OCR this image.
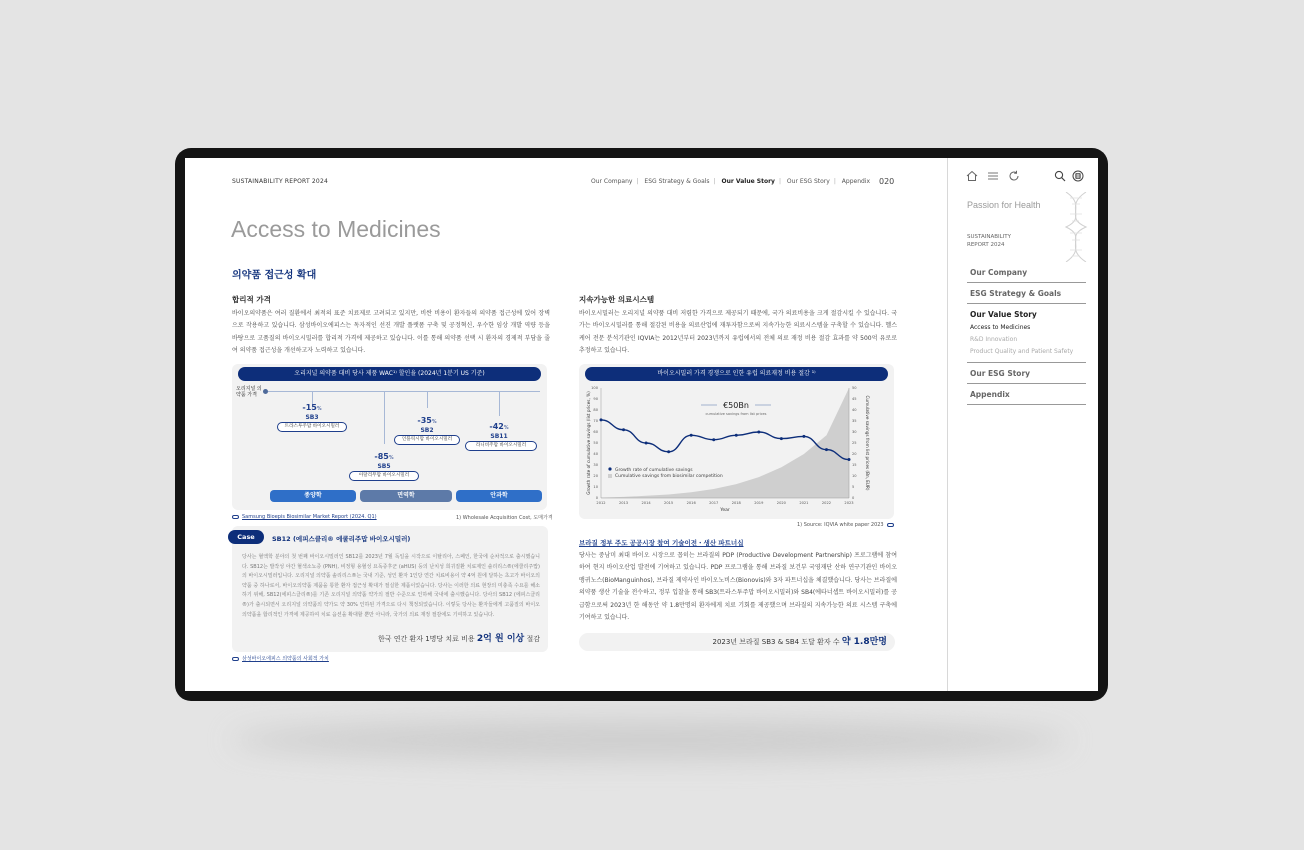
SUSTAINABILITY REPORT 2024	Our Company | ESG Strategy & Goals | Our Value Story | Our ESG Story | Appendix 020
Access to Medicines
의약품 접근성 확대
합리적 가격
바이오의약품은 여러 질환에서 최적의 표준 치료제로 고려되고 있지만, 비싼 비용이 환자들의 의약품 접근성에 있어 장벽으로 작용하고 있습니다. 삼성바이오에피스는 독자적인 선진 개발 플랫폼 구축 및 공정혁신, 우수한 임상 개발 역량 등을 바탕으로 고품질의 바이오시밀러를 합리적 가격에 제공하고 있습니다. 이를 통해 의약품 선택 시 환자의 경제적 부담을 줄여 의약품 접근성을 개선하고자 노력하고 있습니다.
오리지널 의약품 대비 당사 제품 WAC¹⁾ 할인율 (2024년 1분기 US 기준)
오리지널 의약품 가격
-15%
SB3
트라스투주맙 바이오시밀러
-35%
SB2
인플릭시맙 바이오시밀러
-42%
SB11
라니비주맙 바이오시밀러
-85%
SB5
아달리무맙 바이오시밀러
종양학	면역학	안과학
Samsung Bioepis Biosimilar Market Report (2024. Q1)	1) Wholesale Acquisition Cost, 도매가격
Case	SB12 (에피스클리® 에쿨리주맙 바이오시밀러)
당사는 혈액학 분야의 첫 번째 바이오시밀러인 SB12를 2023년 7월 독일을 시작으로 이탈리아, 스페인, 한국에 순차적으로 출시했습니다. SB12는 발작성 야간 혈색소뇨증 (PNH), 비정형 용혈성 요독증후군 (aHUS) 등의 난치성 희귀질환 치료제인 솔리리스®(에쿨리주맙)의 바이오시밀러입니다. 오리지널 의약품 솔리리스®는 국내 기준, 성인 환자 1인당 연간 치료비용이 약 4억 원에 달하는 초고가 바이오의약품 중 하나로서, 바이오의약품 제품을 통한 환자 접근성 확대가 절실한 제품이었습니다. 당사는 이러한 의료 현장의 미충족 수요를 해소하기 위해, SB12(에피스클리®)를 기존 오리지널 의약품 약가의 절반 수준으로 인하해 국내에 출시했습니다. 당사의 SB12 (에피스클리®)가 출시되면서 오리지널 의약품의 약가도 약 30% 인하된 가격으로 다시 책정되었습니다. 이렇듯 당사는 환자들에게 고품질의 바이오의약품을 합리적인 가격에 제공하여 치료 옵션을 확대할 뿐만 아니라, 국가의 의료 재정 절감에도 기여하고 있습니다.
한국 연간 환자 1명당 치료 비용 2억 원 이상 절감
삼성바이오에피스 의약품의 사회적 가치
지속가능한 의료시스템
바이오시밀러는 오리지널 의약품 대비 저렴한 가격으로 제공되기 때문에, 국가 의료비용을 크게 절감시킬 수 있습니다. 국가는 바이오시밀러를 통해 절감된 비용을 의료산업에 재투자함으로써 지속가능한 의료시스템을 구축할 수 있습니다. 헬스케어 전문 분석기관인 IQVIA는 2012년부터 2023년까지 유럽에서의 전체 의료 재정 비용 절감 효과를 약 500억 유로로 추정하고 있습니다.
바이오시밀러 가격 경쟁으로 인한 유럽 의료재정 비용 절감 ¹⁾
0
10
20
30
40
50
60
70
80
90
100
0
5
10
15
20
25
30
35
40
45
50
2012	2013	2014	2015	2016	2017	2018	2019	2020	2021	2022	2023
Year
Growth rate of cumulative savings (list prices, %)	Cumulative savings from list prices (Bn, EUR)
€50Bn
cumulative savings from list prices
Growth rate of cumulative savings
Cumulative savings from biosimilar competition
1) Source: IQVIA white paper 2023
브라질 정부 주도 공공시장 참여 기술이전・생산 파트너십
당사는 중남미 최대 바이오 시장으로 꼽히는 브라질의 PDP (Productive Development Partnership) 프로그램에 참여하여 현지 바이오산업 발전에 기여하고 있습니다. PDP 프로그램을 통해 브라질 보건부 국영재단 산하 연구기관인 바이오맹귀노스(BioManguinhos), 브라질 제약사인 바이오노비스(Bionovis)와 3자 파트너십을 체결했습니다. 당사는 브라질에 의약품 생산 기술을 전수하고, 정부 입찰을 통해 SB3(트라스투주맙 바이오시밀러)와 SB4(에타너셉트 바이오시밀러)를 공급함으로써 2023년 한 해동안 약 1.8만명의 환자에게 치료 기회를 제공했으며 브라질의 지속가능한 의료 시스템 구축에 기여하고 있습니다.
2023년 브라질 SB3 & SB4 도달 환자 수 약 1.8만명
Passion for Health
SUSTAINABILITY
REPORT 2024
Our Company
ESG Strategy & Goals
Our Value Story
Access to Medicines
R&D Innovation
Product Quality and Patient Safety
Our ESG Story
Appendix
